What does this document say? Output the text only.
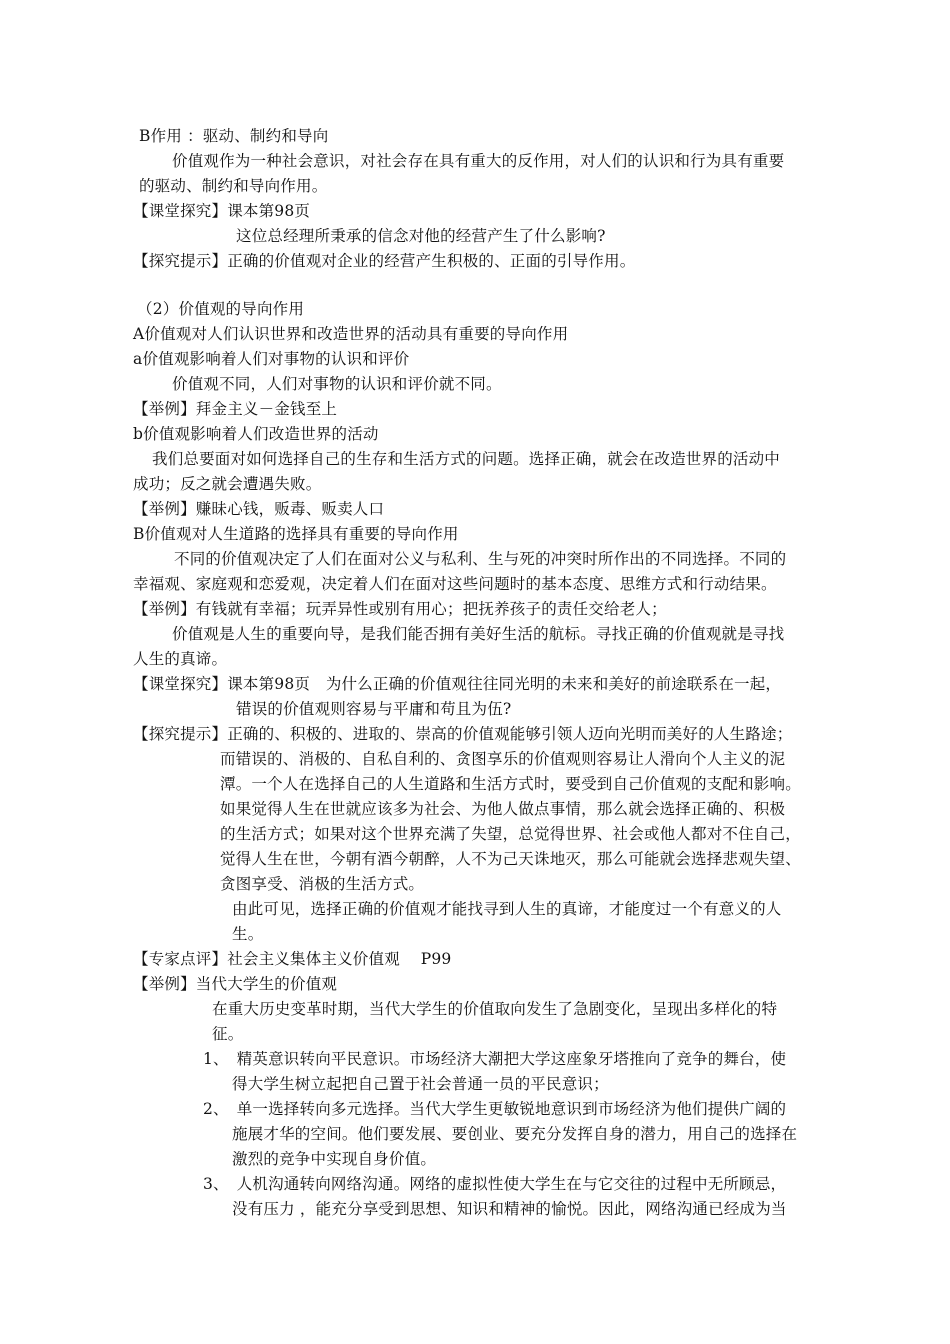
B作用 ：驱动、制约和导向
价值观作为一种社会意识，对社会存在具有重大的反作用，对人们的认识和行为具有重要
的驱动、制约和导向作用。
【课堂探究】课本第98页
这位总经理所秉承的信念对他的经营产生了什么影响?
【探究提示】正确的价值观对企业的经营产生积极的、正面的引导作用。
（2）价值观的导向作用
A价值观对人们认识世界和改造世界的活动具有重要的导向作用
a价值观影响着人们对事物的认识和评价
价值观不同，人们对事物的认识和评价就不同。
【举例】拜金主义－金钱至上
b价值观影响着人们改造世界的活动
我们总要面对如何选择自己的生存和生活方式的问题。选择正确，就会在改造世界的活动中
成功；反之就会遭遇失败。
【举例】赚昧心钱，贩毒、贩卖人口
B价值观对人生道路的选择具有重要的导向作用
不同的价值观决定了人们在面对公义与私利、生与死的冲突时所作出的不同选择。不同的
幸福观、家庭观和恋爱观，决定着人们在面对这些问题时的基本态度、思维方式和行动结果。
【举例】有钱就有幸福；玩弄异性或别有用心；把抚养孩子的责任交给老人；
价值观是人生的重要向导，是我们能否拥有美好生活的航标。寻找正确的价值观就是寻找
人生的真谛。
【课堂探究】课本第98页　为什么正确的价值观往往同光明的未来和美好的前途联系在一起，
错误的价值观则容易与平庸和苟且为伍?
【探究提示】正确的、积极的、进取的、崇高的价值观能够引领人迈向光明而美好的人生路途；
而错误的、消极的、自私自利的、贪图享乐的价值观则容易让人滑向个人主义的泥
潭。一个人在选择自己的人生道路和生活方式时，要受到自己价值观的支配和影响。
如果觉得人生在世就应该多为社会、为他人做点事情，那么就会选择正确的、积极
的生活方式；如果对这个世界充满了失望，总觉得世界、社会或他人都对不住自己，
觉得人生在世，今朝有酒今朝醉，人不为己天诛地灭，那么可能就会选择悲观失望、
贪图享受、消极的生活方式。
由此可见，选择正确的价值观才能找寻到人生的真谛，才能度过一个有意义的人
生。
【专家点评】社会主义集体主义价值观　 P99
【举例】当代大学生的价值观
在重大历史变革时期，当代大学生的价值取向发生了急剧变化，呈现出多样化的特
征。
1、　精英意识转向平民意识。市场经济大潮把大学这座象牙塔推向了竞争的舞台，使
得大学生树立起把自己置于社会普通一员的平民意识；
2、　单一选择转向多元选择。当代大学生更敏锐地意识到市场经济为他们提供广阔的
施展才华的空间。他们要发展、要创业、要充分发挥自身的潜力，用自己的选择在
激烈的竞争中实现自身价值。
3、　人机沟通转向网络沟通。网络的虚拟性使大学生在与它交往的过程中无所顾忌，
没有压力 ，能充分享受到思想、知识和精神的愉悦。因此，网络沟通已经成为当
